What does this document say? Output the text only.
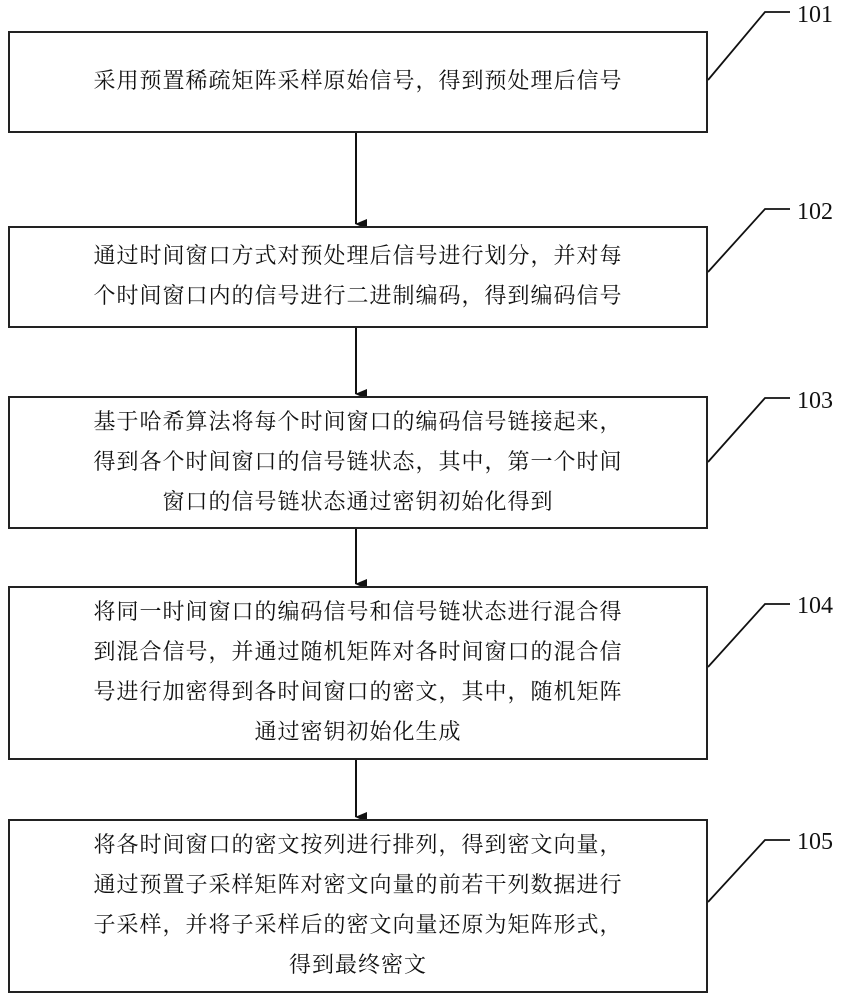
采用预置稀疏矩阵采样原始信号，得到预处理后信号
101
通过时间窗口方式对预处理后信号进行划分，并对每
个时间窗口内的信号进行二进制编码，得到编码信号
102
基于哈希算法将每个时间窗口的编码信号链接起来，
得到各个时间窗口的信号链状态，其中，第一个时间
窗口的信号链状态通过密钥初始化得到
103
将同一时间窗口的编码信号和信号链状态进行混合得
到混合信号，并通过随机矩阵对各时间窗口的混合信
号进行加密得到各时间窗口的密文，其中，随机矩阵
通过密钥初始化生成
104
将各时间窗口的密文按列进行排列，得到密文向量，
通过预置子采样矩阵对密文向量的前若干列数据进行
子采样，并将子采样后的密文向量还原为矩阵形式，
得到最终密文
105
